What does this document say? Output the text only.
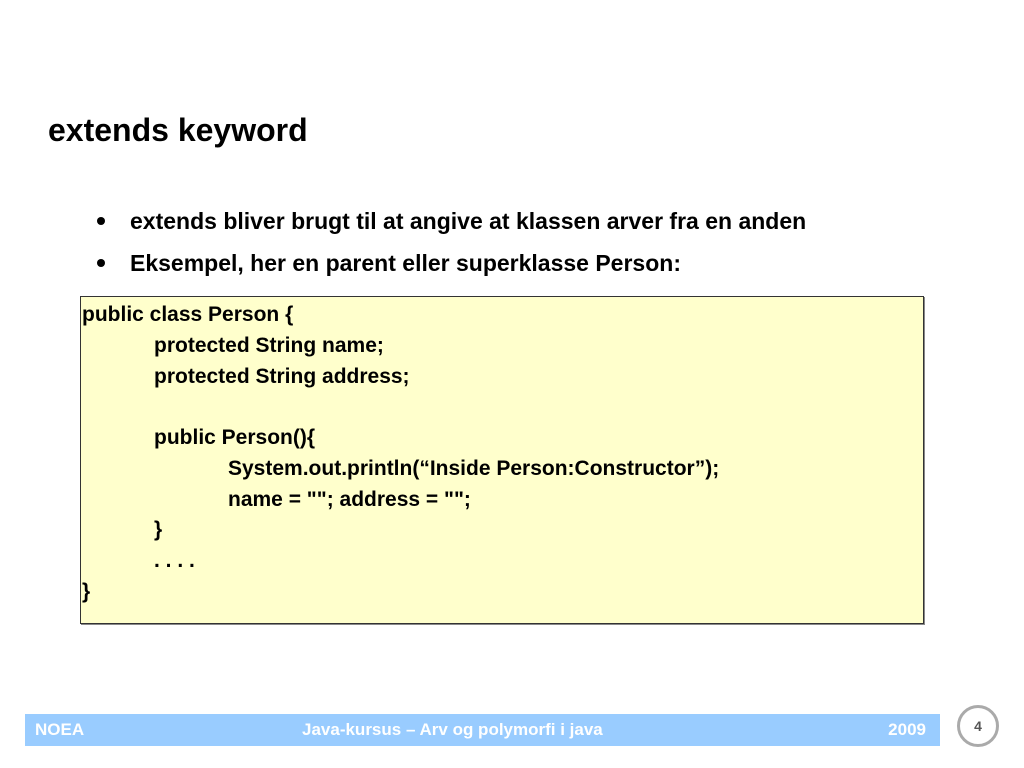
extends keyword
extends bliver brugt til at angive at klassen arver fra en anden
Eksempel, her en parent eller superklasse Person:
public class Person {
protected String name;
protected String address;
public Person(){
System.out.println(“Inside Person:Constructor”);
name = ""; address = "";
}
. . . .
}
NOEA	Java-kursus – Arv og polymorfi i java	2009	4
